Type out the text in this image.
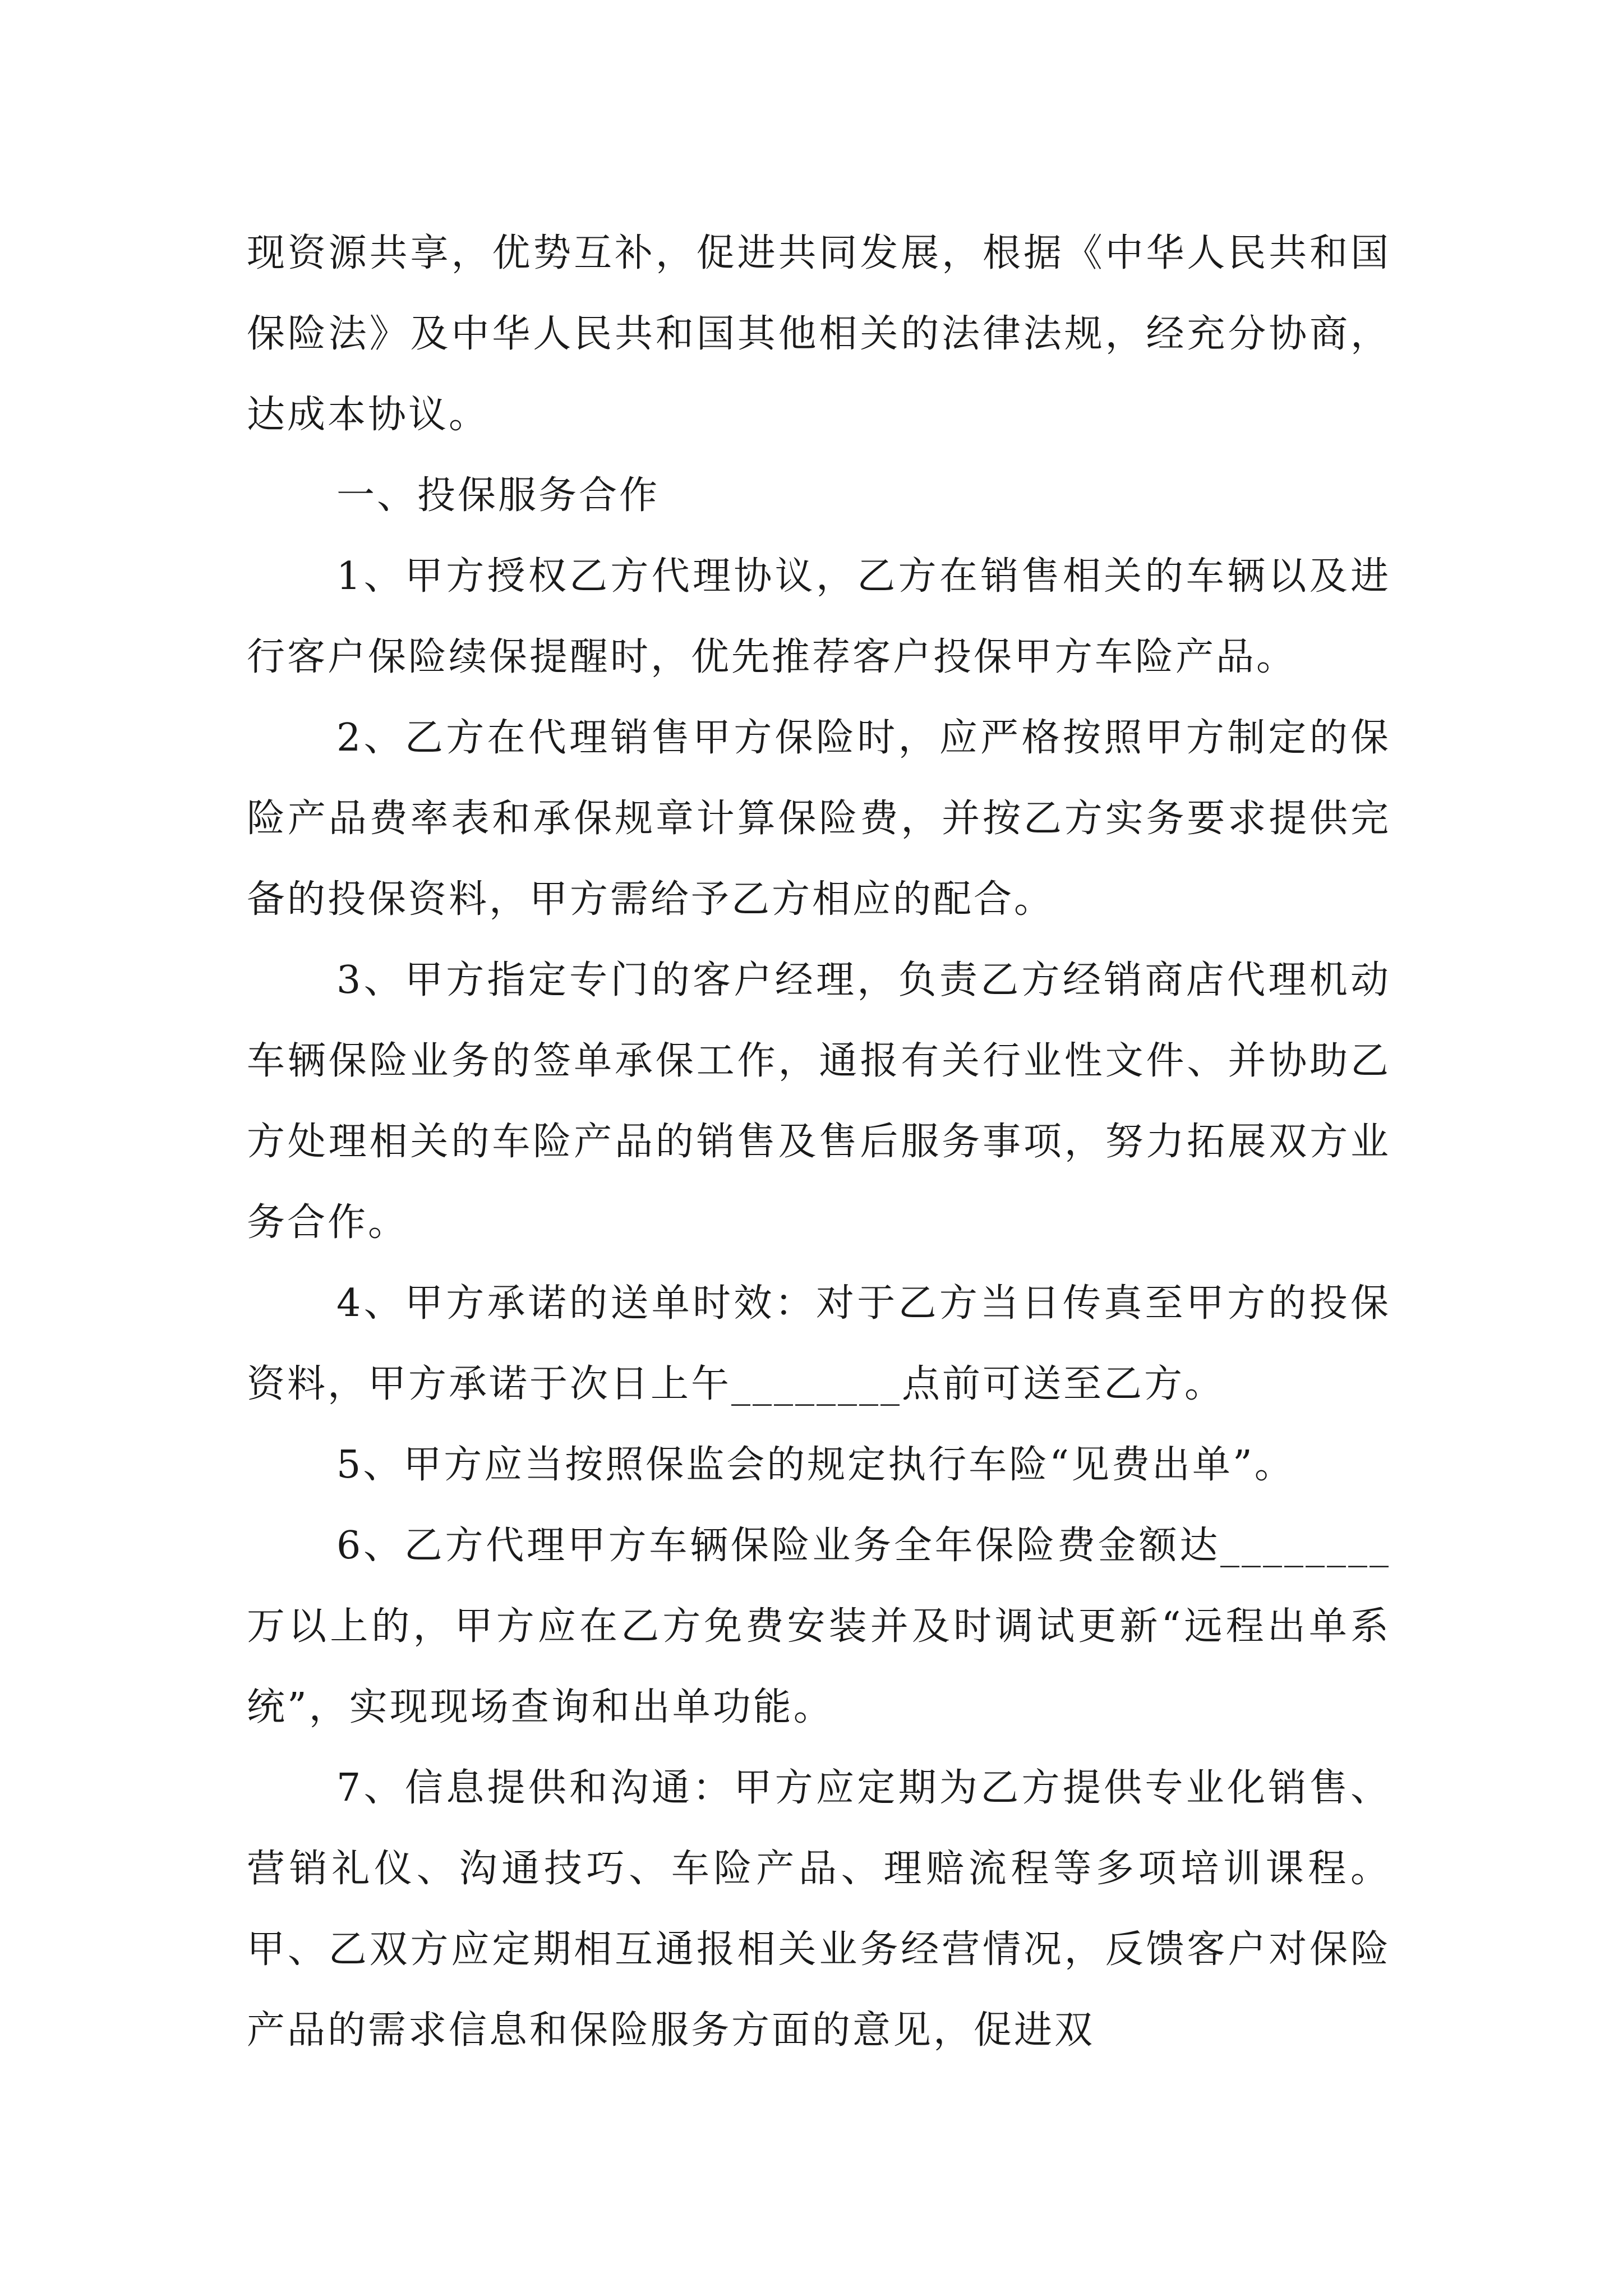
现资源共享，优势互补，促进共同发展，根据《中华人民共和国保险法》及中华人民共和国其他相关的法律法规，经充分协商，达成本协议。

一、投保服务合作

1、甲方授权乙方代理协议，乙方在销售相关的车辆以及进行客户保险续保提醒时，优先推荐客户投保甲方车险产品。

2、乙方在代理销售甲方保险时，应严格按照甲方制定的保险产品费率表和承保规章计算保险费，并按乙方实务要求提供完备的投保资料，甲方需给予乙方相应的配合。

3、甲方指定专门的客户经理，负责乙方经销商店代理机动车辆保险业务的签单承保工作，通报有关行业性文件、并协助乙方处理相关的车险产品的销售及售后服务事项，努力拓展双方业务合作。

4、甲方承诺的送单时效：对于乙方当日传真至甲方的投保资料，甲方承诺于次日上午________点前可送至乙方。

5、甲方应当按照保监会的规定执行车险“见费出单”。

6、乙方代理甲方车辆保险业务全年保险费金额达________万以上的，甲方应在乙方免费安装并及时调试更新“远程出单系统”，实现现场查询和出单功能。

7、信息提供和沟通：甲方应定期为乙方提供专业化销售、营销礼仪、沟通技巧、车险产品、理赔流程等多项培训课程。甲、乙双方应定期相互通报相关业务经营情况，反馈客户对保险产品的需求信息和保险服务方面的意见，促进双
